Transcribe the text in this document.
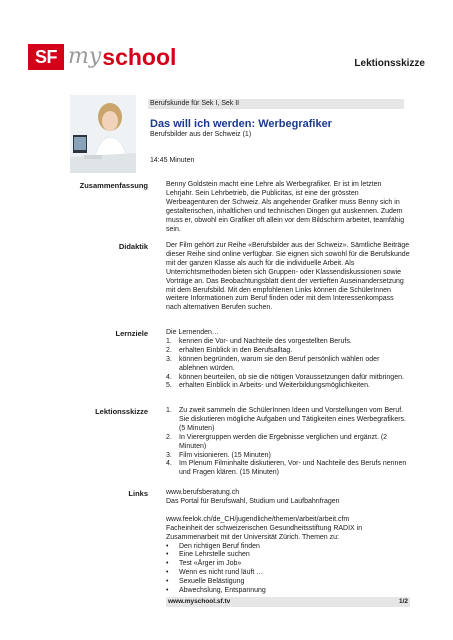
SF my school	Lektionsskizze
Berufskunde für Sek I, Sek II
Das will ich werden: Werbegrafiker
Berufsbilder aus der Schweiz (1)
14:45 Minuten
Zusammenfassung	Benny Goldstein macht eine Lehre als Werbegrafiker. Er ist im letzten Lehrjahr. Sein Lehrbetrieb, die Publicitas, ist eine der grössten Werbeagenturen der Schweiz. Als angehender Grafiker muss Benny sich in gestalterischen, inhaltlichen und technischen Dingen gut auskennen. Zudem muss er, obwohl ein Grafiker oft allein vor dem Bildschirm arbeitet, teamfähig sein.

Didaktik	Der Film gehört zur Reihe «Berufsbilder aus der Schweiz». Sämtliche Beiträge dieser Reihe sind online verfügbar. Sie eignen sich sowohl für die Berufskunde mit der ganzen Klasse als auch für die individuelle Arbeit. Als Unterrichtsmethoden bieten sich Gruppen- oder Klassendiskussionen sowie Vorträge an. Das Beobachtungsblatt dient der vertieften Auseinandersetzung mit dem Berufsbild. Mit den empfohlenen Links können die SchülerInnen weitere Informationen zum Beruf finden oder mit dem Interessenkompass nach alternativen Berufen suchen.

Lernziele	Die Lernenden…

1.	kennen die Vor- und Nachteile des vorgestellten Berufs.
2.	erhalten Einblick in den Berufsalltag.
3.	können begründen, warum sie den Beruf persönlich wählen oder ablehnen würden.
4.	können beurteilen, ob sie die nötigen Voraussetzungen dafür mitbringen.
5.	erhalten Einblick in Arbeits- und Weiterbildungsmöglichkeiten.
Lektionsskizze	1.	Zu zweit sammeln die SchülerInnen Ideen und Vorstellungen vom Beruf. Sie diskutieren mögliche Aufgaben und Tätigkeiten eines Werbegrafikers. (5 Minuten)
2.	In Vierergruppen werden die Ergebnisse verglichen und ergänzt. (2 Minuten)
3.	Film visionieren. (15 Minuten)
4.	Im Plenum Filminhalte diskutieren, Vor- und Nachteile des Berufs nennen und Fragen klären. (15 Minuten)
Links	www.berufsberatung.ch

Das Portal für Berufswahl, Studium und Laufbahnfragen

www.feelok.ch/de_CH/jugendliche/themen/arbeit/arbeit.cfm

Facheinheit der schweizerischen Gesundheitsstiftung RADIX in Zusammenarbeit mit der Universität Zürich. Themen zu:

•	Den richtigen Beruf finden
•	Eine Lehrstelle suchen
•	Test «Ärger im Job»
•	Wenn es nicht rund läuft …
•	Sexuelle Belästigung
•	Abwechslung, Entspannung
www.myschool.sf.tv	1/2
